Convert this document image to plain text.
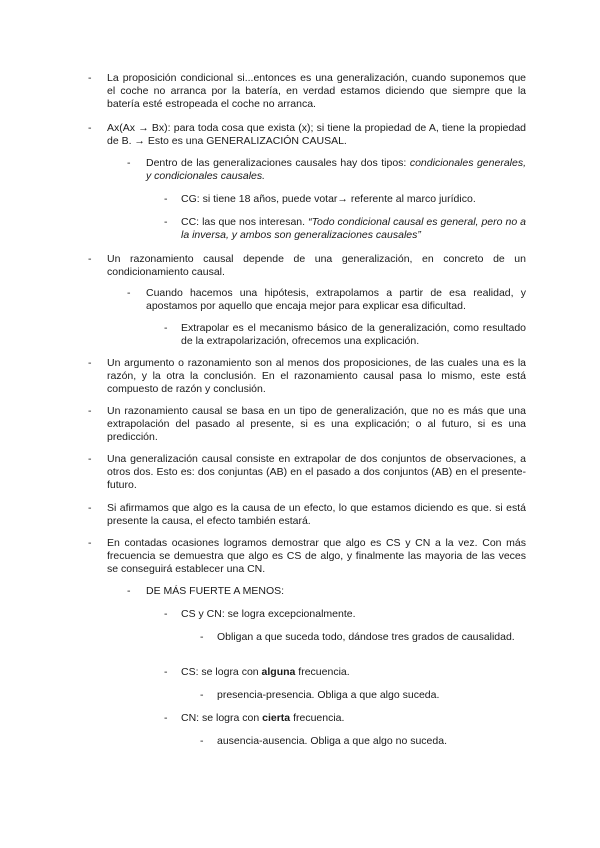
- La proposición condicional si...entonces es una generalización, cuando suponemos que el coche no arranca por la batería, en verdad estamos diciendo que siempre que la batería esté estropeada el coche no arranca.
- Ax(Ax → Bx): para toda cosa que exista (x); si tiene la propiedad de A, tiene la propiedad de B. → Esto es una GENERALIZACIÓN CAUSAL.
- Dentro de las generalizaciones causales hay dos tipos: condicionales generales, y condicionales causales.
- CG: si tiene 18 años, puede votar→ referente al marco jurídico.
- CC: las que nos interesan. “Todo condicional causal es general, pero no a la inversa, y ambos son generalizaciones causales”
- Un razonamiento causal depende de una generalización, en concreto de un condicionamiento causal.
- Cuando hacemos una hipótesis, extrapolamos a partir de esa realidad, y apostamos por aquello que encaja mejor para explicar esa dificultad.
- Extrapolar es el mecanismo básico de la generalización, como resultado de la extrapolarización, ofrecemos una explicación.
- Un argumento o razonamiento son al menos dos proposiciones, de las cuales una es la razón, y la otra la conclusión. En el razonamiento causal pasa lo mismo, este está compuesto de razón y conclusión.
- Un razonamiento causal se basa en un tipo de generalización, que no es más que una extrapolación del pasado al presente, si es una explicación; o al futuro, si es una predicción.
- Una generalización causal consiste en extrapolar de dos conjuntos de observaciones, a otros dos. Esto es: dos conjuntas (AB) en el pasado a dos conjuntos (AB) en el presente-futuro.
- Si afirmamos que algo es la causa de un efecto, lo que estamos diciendo es que. si está presente la causa, el efecto también estará.
- En contadas ocasiones logramos demostrar que algo es CS y CN a la vez. Con más frecuencia se demuestra que algo es CS de algo, y finalmente las mayoria de las veces se conseguirá establecer una CN.
- DE MÁS FUERTE A MENOS:
- CS y CN: se logra excepcionalmente.
- Obligan a que suceda todo, dándose tres grados de causalidad.
- CS: se logra con alguna frecuencia.
- presencia-presencia. Obliga a que algo suceda.
- CN: se logra con cierta frecuencia.
- ausencia-ausencia. Obliga a que algo no suceda.
